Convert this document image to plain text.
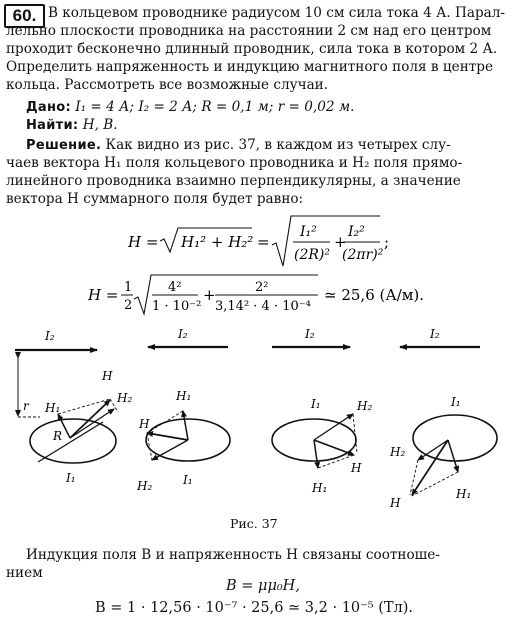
60. В кольцевом проводнике радиусом 10 см сила тока 4 А. Парал-
лельно плоскости проводника на расстоянии 2 см над его центром
проходит бесконечно длинный проводник, сила тока в котором 2 А.
Определить напряженность и индукцию магнитного поля в центре
кольца. Рассмотреть все возможные случаи.
Дано: I₁ = 4 А; I₂ = 2 А; R = 0,1 м; r = 0,02 м.
Найти: H, B.
Решение. Как видно из рис. 37, в каждом из четырех слу-
чаев вектора H₁ поля кольцевого проводника и H₂ поля прямо-
линейного проводника взаимно перпендикулярны, а значение
вектора H суммарного поля будет равно:
H = H₁² + H₂² =
I₁²
(2R)²
+
I₂²
(2πr)²
;
H = 1
2
4²
1 · 10⁻²
+	2²
3,14² · 4 · 10⁻⁴
≃ 25,6 (А/м).
I₂
r
R
H₁
H
H₂
I₁
I₂
H₁
H
H₂	I₁
I₂
I₁	H₂
H
H₁
I₂
I₁
H₂
H
H₁
Рис. 37
Индукция поля B и напряженность H связаны соотноше-
нием
B = μμ₀H,
B = 1 · 12,56 · 10⁻⁷ · 25,6 ≃ 3,2 · 10⁻⁵ (Тл).
